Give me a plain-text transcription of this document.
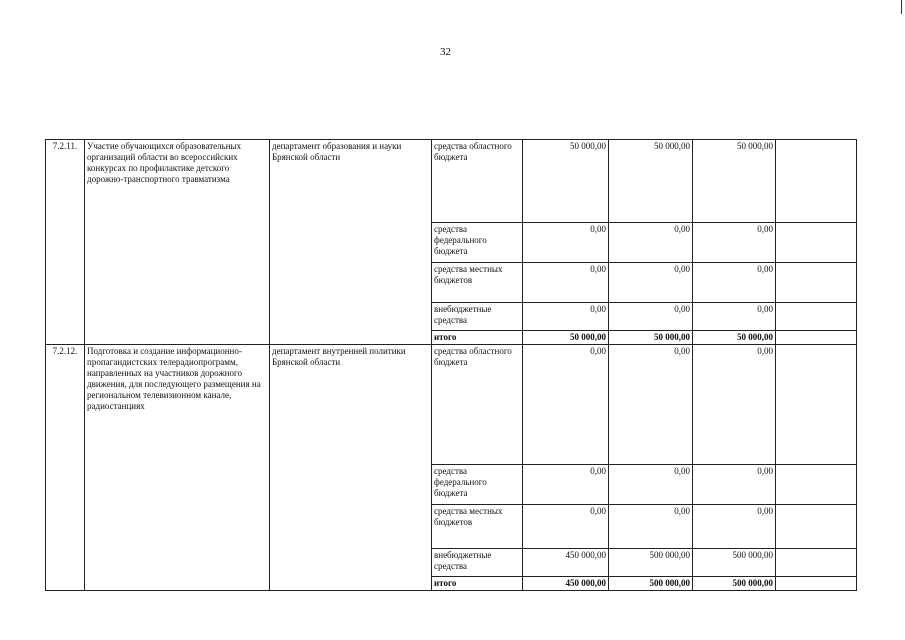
32
7.2.11.	Участие обучающихся образовательных организаций области во всероссийских конкурсах по профилактике детского дорожно-транспортного травматизма	департамент образования и науки Брянской области	средства областного бюджета	50 000,00	50 000,00	50 000,00	
			средства федерального бюджета	0,00	0,00	0,00	
			средства местных бюджетов	0,00	0,00	0,00	
			внебюджетные средства	0,00	0,00	0,00	
			итого	50 000,00	50 000,00	50 000,00	
7.2.12.	Подготовка и создание информационно-пропагандистских телерадиопрограмм, направленных на участников дорожного движения, для последующего размещения на региональном телевизионном канале, радиостанциях	департамент внутренней политики Брянской области	средства областного бюджета	0,00	0,00	0,00	
			средства федерального бюджета	0,00	0,00	0,00	
			средства местных бюджетов	0,00	0,00	0,00	
			внебюджетные средства	450 000,00	500 000,00	500 000,00	
			итого	450 000,00	500 000,00	500 000,00	
